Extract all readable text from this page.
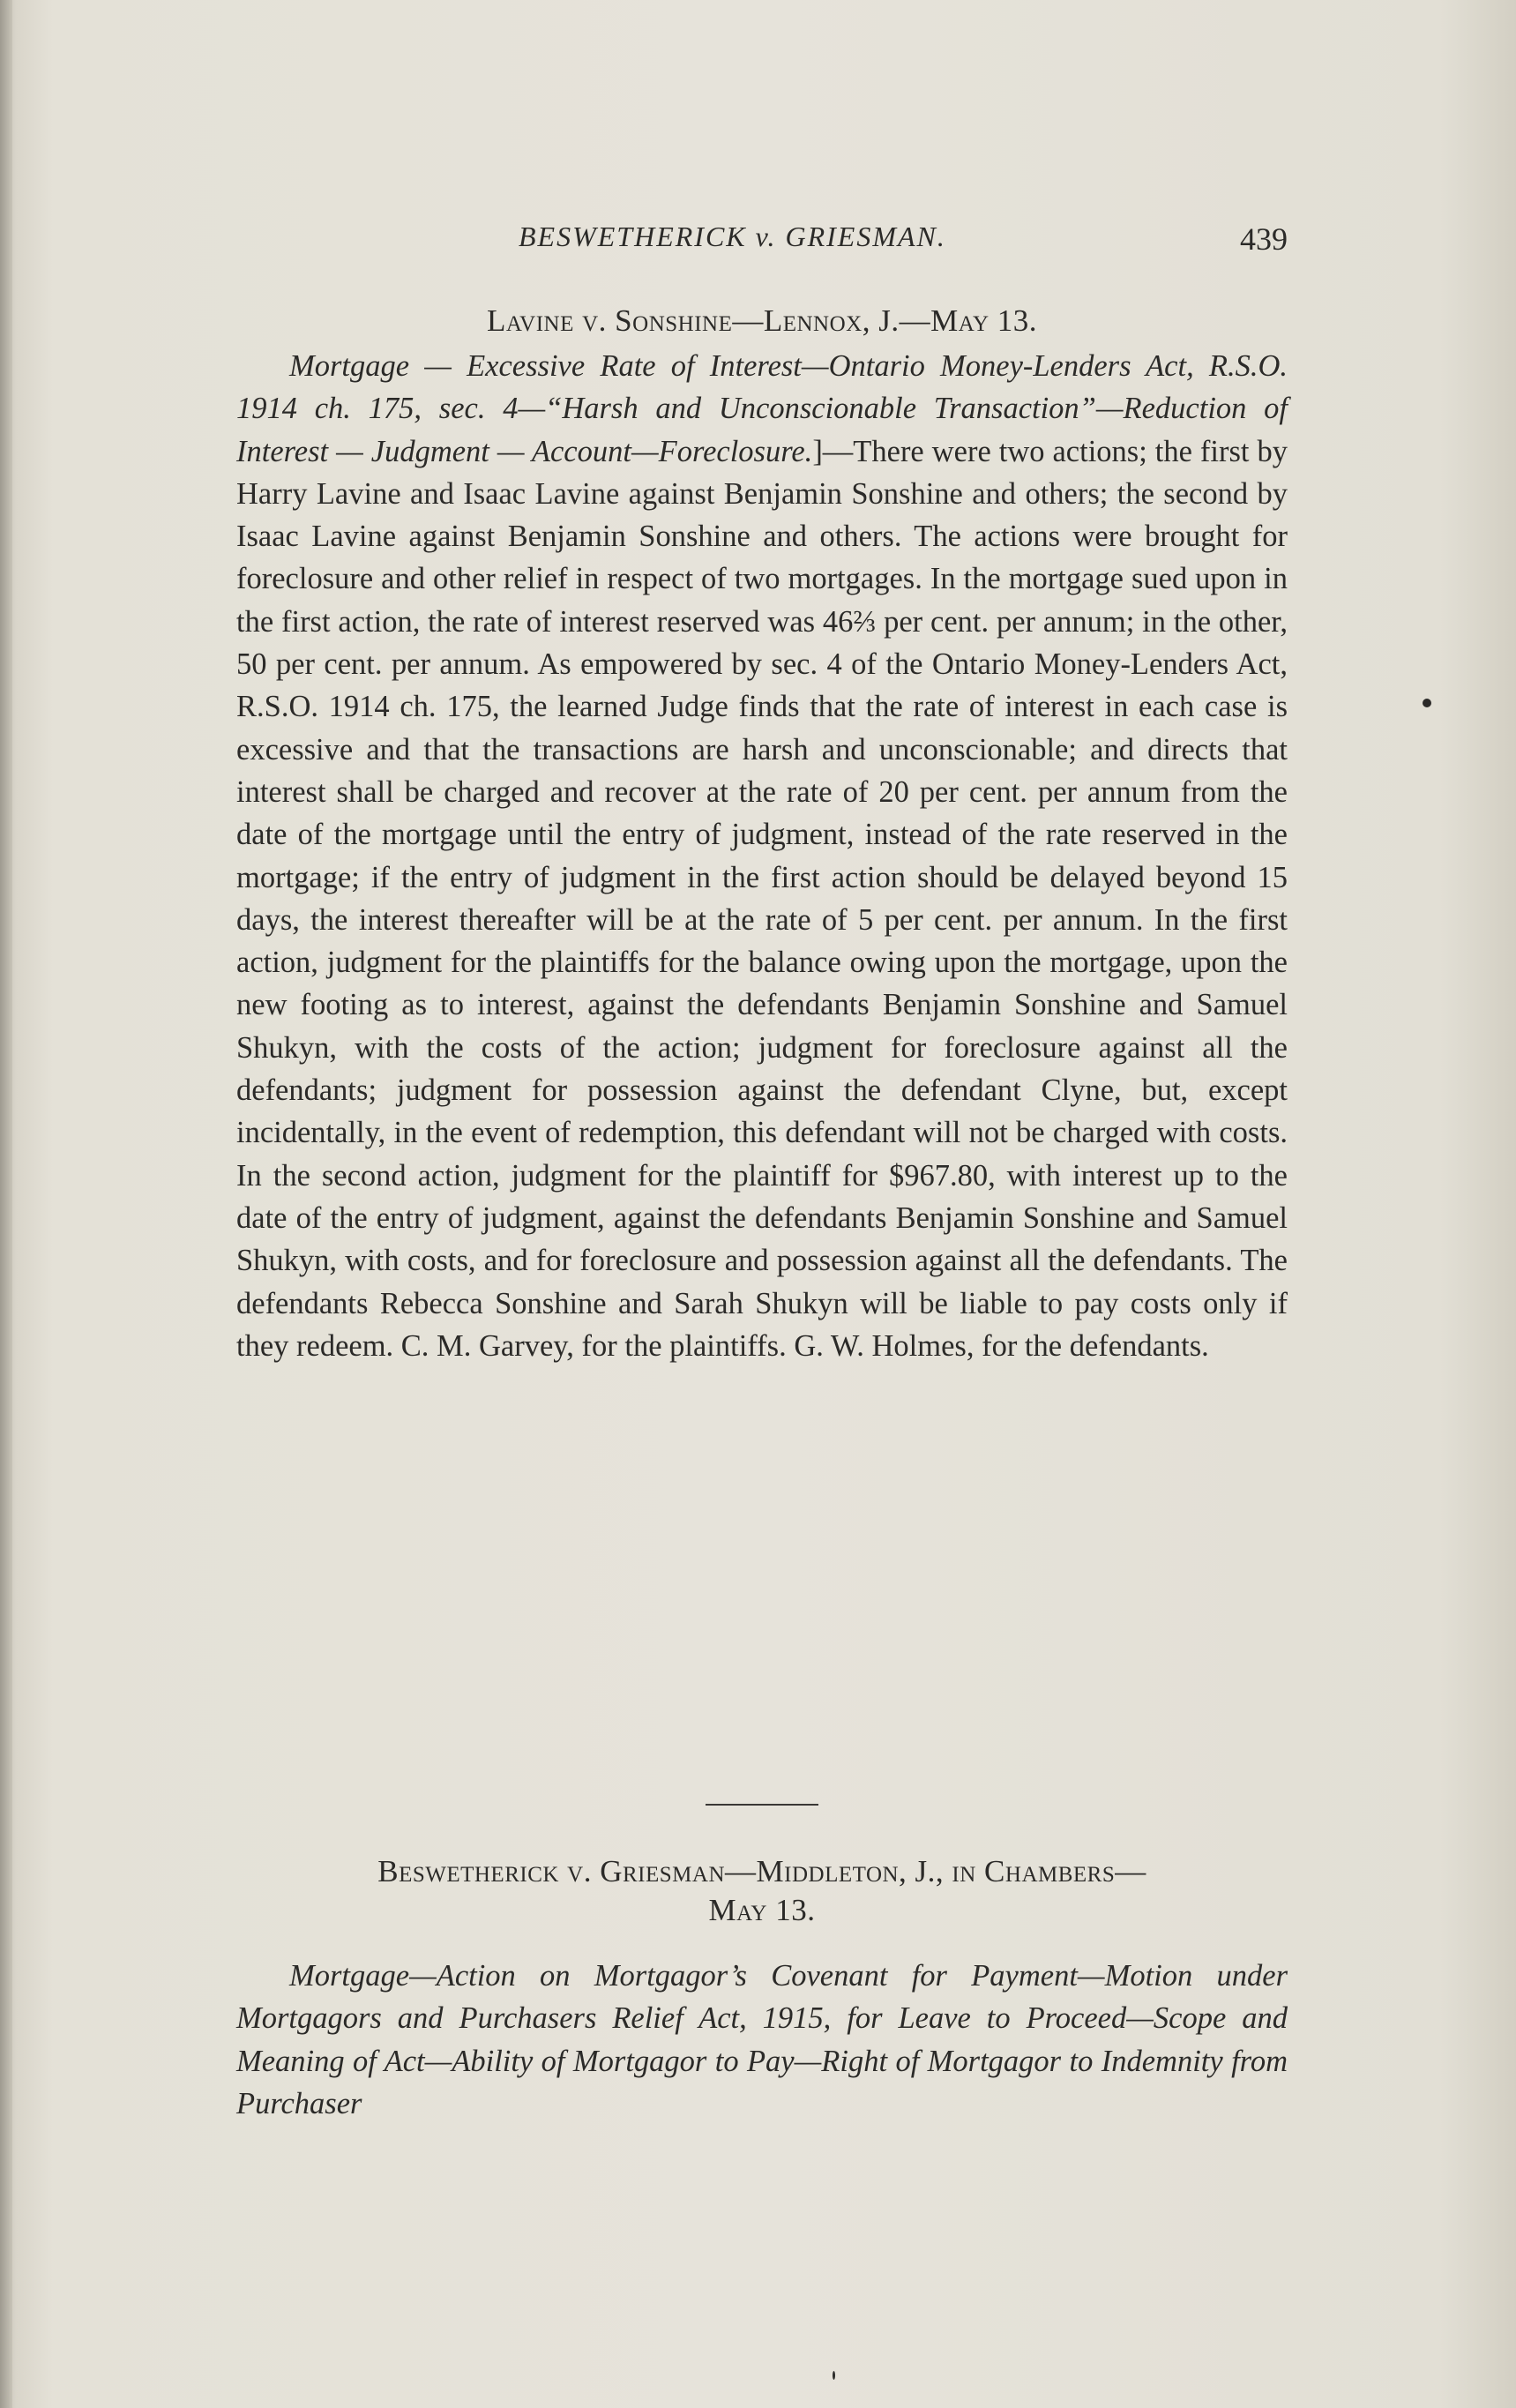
BESWETHERICK v. GRIESMAN.	439
Lavine v. Sonshine—Lennox, J.—May 13.

Mortgage — Excessive Rate of Interest—Ontario Money-Lenders Act, R.S.O. 1914 ch. 175, sec. 4—“Harsh and Unconscionable Transaction”—Reduction of Interest — Judgment — Account—Foreclosure.]—There were two actions; the first by Harry Lavine and Isaac Lavine against Benjamin Sonshine and others; the second by Isaac Lavine against Benjamin Sonshine and others. The actions were brought for foreclosure and other relief in respect of two mortgages. In the mortgage sued upon in the first action, the rate of interest reserved was 46⅔ per cent. per annum; in the other, 50 per cent. per annum. As empowered by sec. 4 of the Ontario Money-Lenders Act, R.S.O. 1914 ch. 175, the learned Judge finds that the rate of interest in each case is excessive and that the transactions are harsh and unconscionable; and directs that interest shall be charged and recover at the rate of 20 per cent. per annum from the date of the mortgage until the entry of judgment, instead of the rate reserved in the mortgage; if the entry of judgment in the first action should be delayed beyond 15 days, the interest thereafter will be at the rate of 5 per cent. per annum. In the first action, judgment for the plaintiffs for the balance owing upon the mortgage, upon the new footing as to interest, against the defendants Benjamin Sonshine and Samuel Shukyn, with the costs of the action; judgment for foreclosure against all the defendants; judgment for possession against the defendant Clyne, but, except incidentally, in the event of redemption, this defendant will not be charged with costs. In the second action, judgment for the plaintiff for $967.80, with interest up to the date of the entry of judgment, against the defendants Benjamin Sonshine and Samuel Shukyn, with costs, and for foreclosure and possession against all the defendants. The defendants Rebecca Sonshine and Sarah Shukyn will be liable to pay costs only if they redeem. C. M. Garvey, for the plaintiffs. G. W. Holmes, for the defendants.

Beswetherick v. Griesman—Middleton, J., in Chambers—
May 13.

Mortgage—Action on Mortgagor’s Covenant for Payment—Motion under Mortgagors and Purchasers Relief Act, 1915, for Leave to Proceed—Scope and Meaning of Act—Ability of Mortgagor to Pay—Right of Mortgagor to Indemnity from Purchaser
